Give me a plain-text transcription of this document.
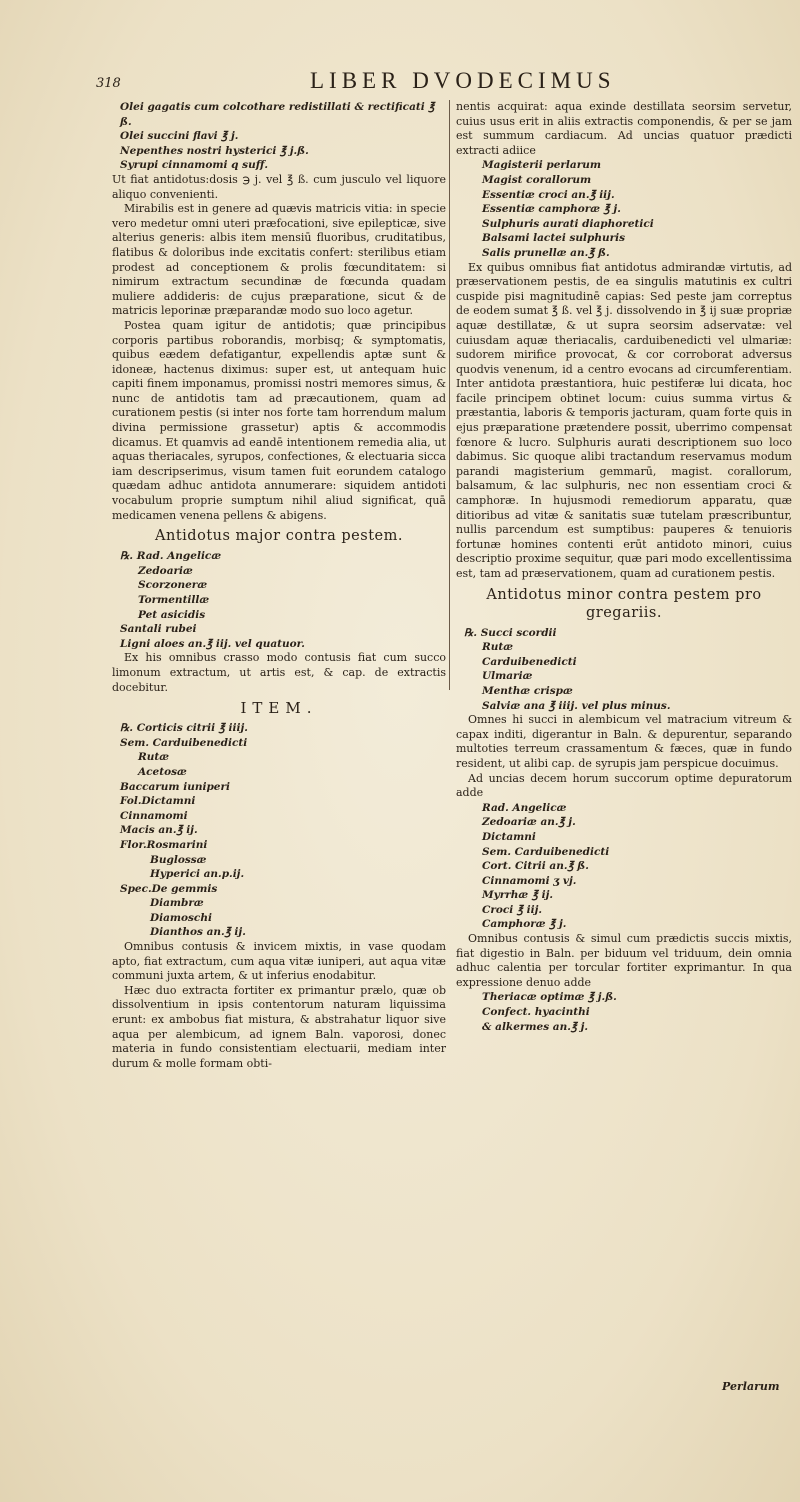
318	LIBER DVODECIMUS
Olei gagatis cum colcothare redistillati & rectificati ℥ ß.
Olei succini flavi ℥ j.
Nepenthes nostri hysterici ℥ j.ß.
Syrupi cinnamomi q suff.
Ut fiat antidotus:dosis ℈ j. vel ℥ ß. cum jusculo vel liquore aliquo convenienti.
Mirabilis est in genere ad quævis matricis vitia: in specie vero medetur omni uteri præfocationi, sive epilepticæ, sive alterius generis: albis item mensiū fluoribus, cruditatibus, flatibus & doloribus inde excitatis confert: sterilibus etiam prodest ad conceptionem & prolis fœcunditatem: si nimirum extractum secundinæ de fœcunda quadam muliere addideris: de cujus præparatione, sicut & de matricis leporinæ præparandæ modo suo loco agetur.
Postea quam igitur de antidotis; quæ principibus corporis partibus roborandis, morbisq; & symptomatis, quibus eædem defatigantur, expellendis aptæ sunt & idoneæ, hactenus diximus: super est, ut antequam huic capiti finem imponamus, promissi nostri memores simus, & nunc de antidotis tam ad præcautionem, quam ad curationem pestis (si inter nos forte tam horrendum malum divina permissione grassetur) aptis & accommodis dicamus. Et quamvis ad eandē intentionem remedia alia, ut aquas theriacales, syrupos, confectiones, & electuaria sicca iam descripserimus, visum tamen fuit eorundem catalogo quædam adhuc antidota annumerare: siquidem antidoti vocabulum proprie sumptum nihil aliud significat, quā medicamen venena pellens & abigens.
Antidotus major contra pestem.
℞. Rad. Angelicæ
Zedoariæ
Scorzoneræ
Tormentillæ
Pet asicidis
Santali rubei
Ligni aloes an.℥ iij. vel quatuor.
Ex his omnibus crasso modo contusis fiat cum succo limonum extractum, ut artis est, & cap. de extractis docebitur.
ITEM.
℞. Corticis citrii ℥ iiij.
Sem. Carduibenedicti
Rutæ
Acetosæ
Baccarum iuniperi
Fol.Dictamni
Cinnamomi
Macis an.℥ ij.
Flor.Rosmarini
Buglossæ
Hyperici an.p.ij.
Spec.De gemmis
Diambræ
Diamoschi
Dianthos an.℥ ij.
Omnibus contusis & invicem mixtis, in vase quodam apto, fiat extractum, cum aqua vitæ iuniperi, aut aqua vitæ communi juxta artem, & ut inferius enodabitur.
Hæc duo extracta fortiter ex primantur prælo, quæ ob dissolventium in ipsis contentorum naturam liquissima erunt: ex ambobus fiat mistura, & abstrahatur liquor sive aqua per alembicum, ad ignem Baln. vaporosi, donec materia in fundo consistentiam electuarii, mediam inter durum & molle formam obti-
nentis acquirat: aqua exinde destillata seorsim servetur, cuius usus erit in aliis extractis componendis, & per se jam est summum cardiacum. Ad uncias quatuor prædicti extracti adiice
Magisterii perlarum
Magist corallorum
Essentiæ croci an.℥ iij.
Essentiæ camphoræ ℥ j.
Sulphuris aurati diaphoretici
Balsami lactei sulphuris
Salis prunellæ an.℥ ß.
Ex quibus omnibus fiat antidotus admirandæ virtutis, ad præservationem pestis, de ea singulis matutinis ex cultri cuspide pisi magnitudinē capias: Sed peste jam correptus de eodem sumat ℥ ß. vel ℥ j. dissolvendo in ℥ ij suæ propriæ aquæ destillatæ, & ut supra seorsim adservatæ: vel cuiusdam aquæ theriacalis, carduibenedicti vel ulmariæ: sudorem mirifice provocat, & cor corroborat adversus quodvis venenum, id a centro evocans ad circumferentiam. Inter antidota præstantiora, huic pestiferæ lui dicata, hoc facile principem obtinet locum: cuius summa virtus & præstantia, laboris & temporis jacturam, quam forte quis in ejus præparatione prætendere possit, uberrimo compensat fœnore & lucro. Sulphuris aurati descriptionem suo loco dabimus. Sic quoque alibi tractandum reservamus modum parandi magisterium gemmarū, magist. corallorum, balsamum, & lac sulphuris, nec non essentiam croci & camphoræ. In hujusmodi remediorum apparatu, quæ ditioribus ad vitæ & sanitatis suæ tutelam præscribuntur, nullis parcendum est sumptibus: pauperes & tenuioris fortunæ homines contenti erūt antidoto minori, cuius descriptio proxime sequitur, quæ pari modo excellentissima est, tam ad præservationem, quam ad curationem pestis.
Antidotus minor contra pestem pro gregariis.
℞. Succi scordii
Rutæ
Carduibenedicti
Ulmariæ
Menthæ crispæ
Salviæ ana ℥ iiij. vel plus minus.
Omnes hi succi in alembicum vel matracium vitreum & capax inditi, digerantur in Baln. & depurentur, separando multoties terreum crassamentum & fæces, quæ in fundo resident, ut alibi cap. de syrupis jam perspicue docuimus.
Ad uncias decem horum succorum optime depuratorum adde
Rad. Angelicæ
Zedoariæ an.℥ j.
Dictamni
Sem. Carduibenedicti
Cort. Citrii an.℥ ß.
Cinnamomi ʒ vj.
Myrrhæ ℥ ij.
Croci ℥ iij.
Camphoræ ℥ j.
Omnibus contusis & simul cum prædictis succis mixtis, fiat digestio in Baln. per biduum vel triduum, dein omnia adhuc calentia per torcular fortiter exprimantur. In qua expressione denuo adde
Theriacæ optimæ ℥ j.ß.
Confect. hyacinthi
& alkermes an.℥ j.
Perlarum
